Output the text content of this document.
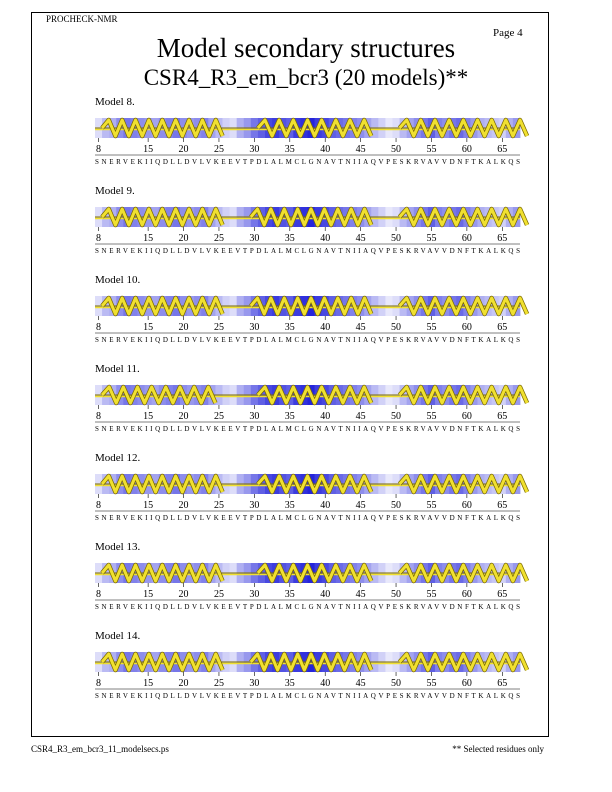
PROCHECK-NMR
Page 4
Model secondary structures
CSR4_R3_em_bcr3 (20 models)**
Model 8.
8	15	20	25	30	35	40	45	50	55	60	65
SNERVEKIIQDLLDVLVKEEVTPDLALMCLGNAVTNIIAQVPESKRVAVVDNFTKALKQS
Model 9.
8	15	20	25	30	35	40	45	50	55	60	65
SNERVEKIIQDLLDVLVKEEVTPDLALMCLGNAVTNIIAQVPESKRVAVVDNFTKALKQS
Model 10.
8	15	20	25	30	35	40	45	50	55	60	65
SNERVEKIIQDLLDVLVKEEVTPDLALMCLGNAVTNIIAQVPESKRVAVVDNFTKALKQS
Model 11.
8	15	20	25	30	35	40	45	50	55	60	65
SNERVEKIIQDLLDVLVKEEVTPDLALMCLGNAVTNIIAQVPESKRVAVVDNFTKALKQS
Model 12.
8	15	20	25	30	35	40	45	50	55	60	65
SNERVEKIIQDLLDVLVKEEVTPDLALMCLGNAVTNIIAQVPESKRVAVVDNFTKALKQS
Model 13.
8	15	20	25	30	35	40	45	50	55	60	65
SNERVEKIIQDLLDVLVKEEVTPDLALMCLGNAVTNIIAQVPESKRVAVVDNFTKALKQS
Model 14.
8	15	20	25	30	35	40	45	50	55	60	65
SNERVEKIIQDLLDVLVKEEVTPDLALMCLGNAVTNIIAQVPESKRVAVVDNFTKALKQS
CSR4_R3_em_bcr3_11_modelsecs.ps	** Selected residues only
